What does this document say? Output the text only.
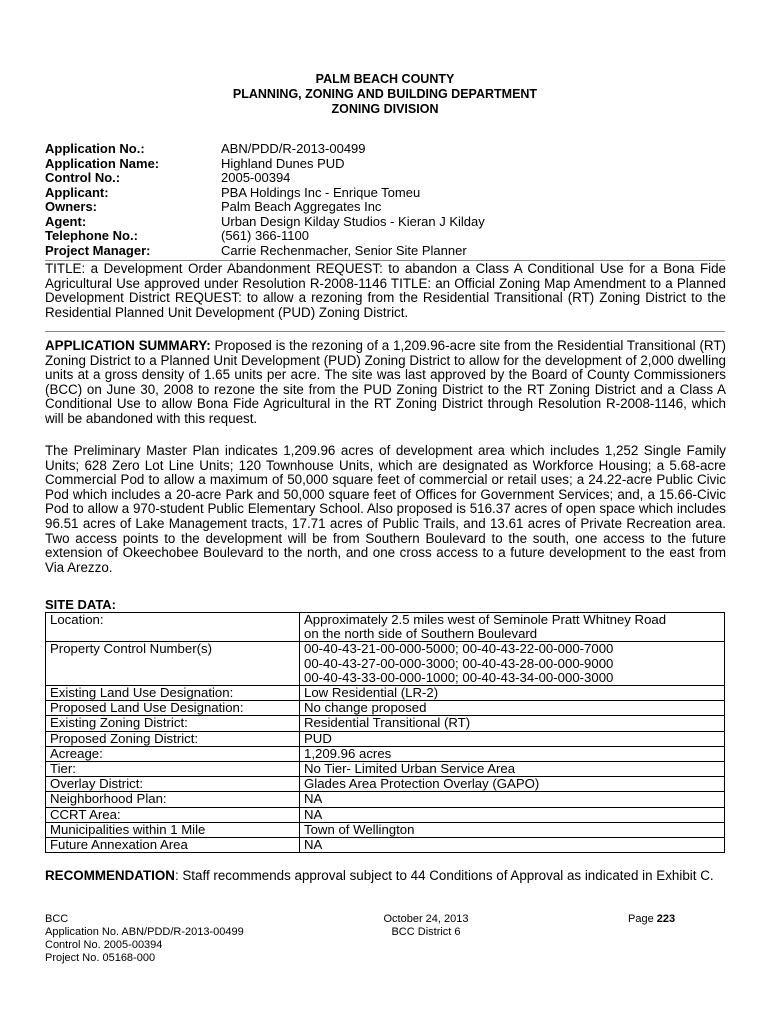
PALM BEACH COUNTY
PLANNING, ZONING AND BUILDING DEPARTMENT
ZONING DIVISION
Application No.:	ABN/PDD/R-2013-00499
Application Name:	Highland Dunes PUD
Control No.:	2005-00394
Applicant:	PBA Holdings Inc - Enrique Tomeu
Owners:	Palm Beach Aggregates Inc
Agent:	Urban Design Kilday Studios - Kieran J Kilday
Telephone No.:	(561) 366-1100
Project Manager:	Carrie Rechenmacher, Senior Site Planner
TITLE: a Development Order Abandonment REQUEST: to abandon a Class A Conditional Use for a Bona Fide Agricultural Use approved under Resolution R-2008-1146 TITLE: an Official Zoning Map Amendment to a Planned Development District REQUEST: to allow a rezoning from the Residential Transitional (RT) Zoning District to the Residential Planned Unit Development (PUD) Zoning District.
APPLICATION SUMMARY: Proposed is the rezoning of a 1,209.96-acre site from the Residential Transitional (RT) Zoning District to a Planned Unit Development (PUD) Zoning District to allow for the development of 2,000 dwelling units at a gross density of 1.65 units per acre. The site was last approved by the Board of County Commissioners (BCC) on June 30, 2008 to rezone the site from the PUD Zoning District to the RT Zoning District and a Class A Conditional Use to allow Bona Fide Agricultural in the RT Zoning District through Resolution R-2008-1146, which will be abandoned with this request.
The Preliminary Master Plan indicates 1,209.96 acres of development area which includes 1,252 Single Family Units; 628 Zero Lot Line Units; 120 Townhouse Units, which are designated as Workforce Housing; a 5.68-acre Commercial Pod to allow a maximum of 50,000 square feet of commercial or retail uses; a 24.22-acre Public Civic Pod which includes a 20-acre Park and 50,000 square feet of Offices for Government Services; and, a 15.66-Civic Pod to allow a 970-student Public Elementary School. Also proposed is 516.37 acres of open space which includes 96.51 acres of Lake Management tracts, 17.71 acres of Public Trails, and 13.61 acres of Private Recreation area. Two access points to the development will be from Southern Boulevard to the south, one access to the future extension of Okeechobee Boulevard to the north, and one cross access to a future development to the east from Via Arezzo.
SITE DATA:
Location:	Approximately 2.5 miles west of Seminole Pratt Whitney Road
on the north side of Southern Boulevard

Property Control Number(s)	00-40-43-21-00-000-5000; 00-40-43-22-00-000-7000
00-40-43-27-00-000-3000; 00-40-43-28-00-000-9000
00-40-43-33-00-000-1000; 00-40-43-34-00-000-3000

Existing Land Use Designation:	Low Residential (LR-2)

Proposed Land Use Designation:	No change proposed

Existing Zoning District:	Residential Transitional (RT)

Proposed Zoning District:	PUD

Acreage:	1,209.96 acres

Tier:	No Tier- Limited Urban Service Area

Overlay District:	Glades Area Protection Overlay (GAPO)

Neighborhood Plan:	NA

CCRT Area:	NA

Municipalities within 1 Mile	Town of Wellington

Future Annexation Area	NA
RECOMMENDATION: Staff recommends approval subject to 44 Conditions of Approval as indicated in Exhibit C.
BCC
Application No. ABN/PDD/R-2013-00499
Control No. 2005-00394
Project No. 05168-000
October 24, 2013
BCC District 6
Page 223
